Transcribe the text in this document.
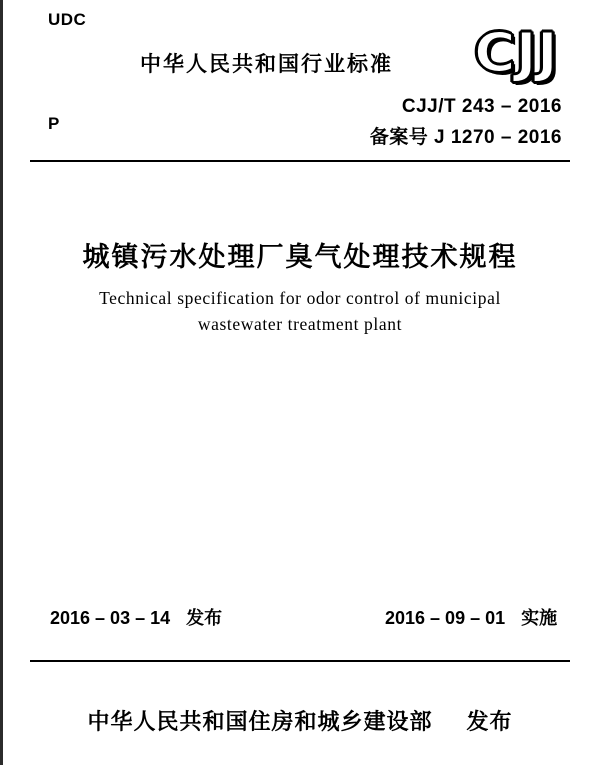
UDC
P
中华人民共和国行业标准 CJJ
CJJ/T 243 – 2016
备案号 J 1270 – 2016
城镇污水处理厂臭气处理技术规程
Technical specification for odor control of municipal
wastewater treatment plant
2016 – 03 – 14 发布	2016 – 09 – 01 实施
中华人民共和国住房和城乡建设部 发布
